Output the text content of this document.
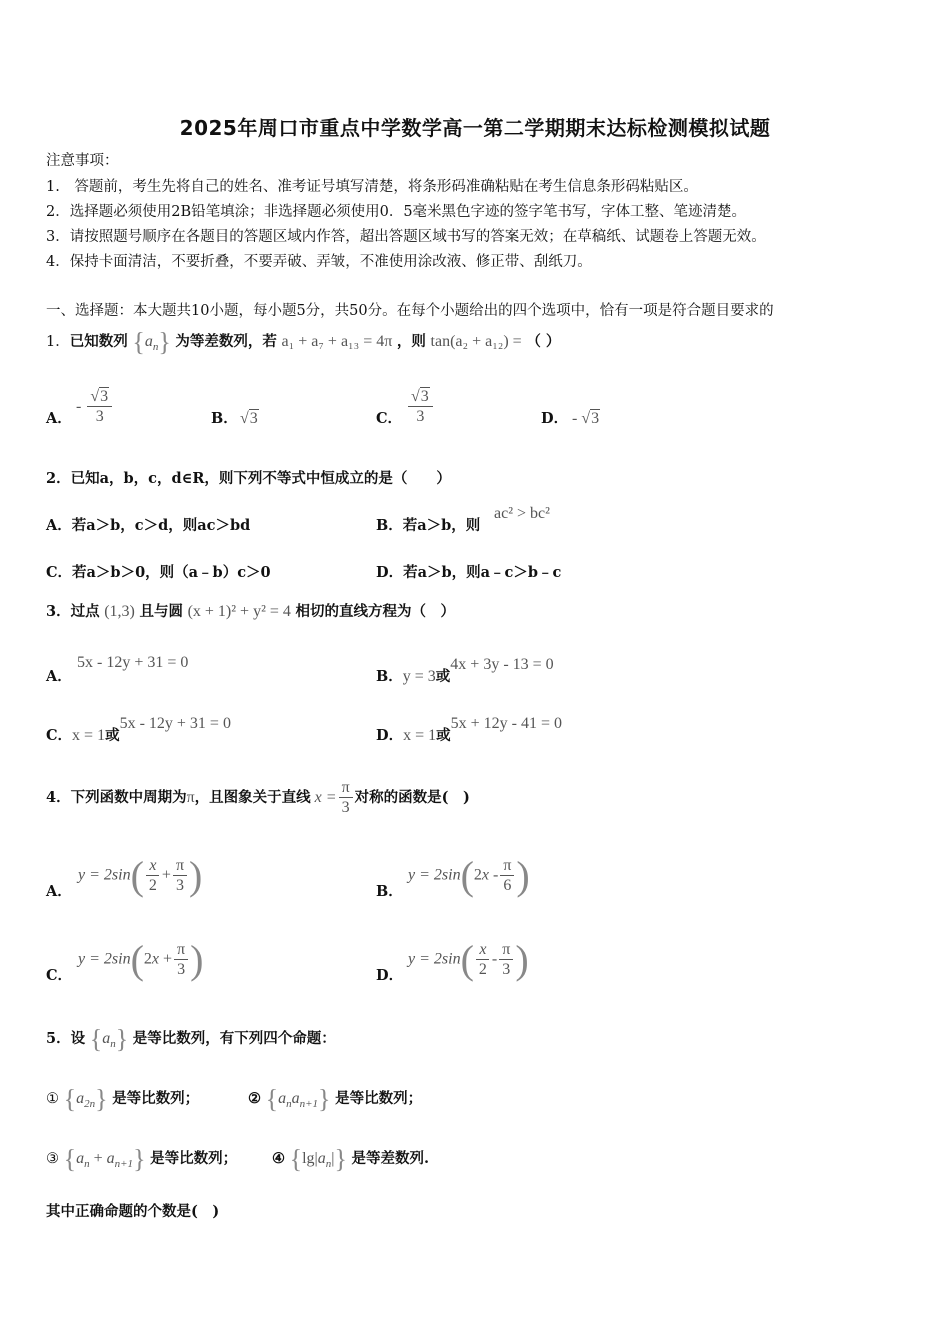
2025年周口市重点中学数学高一第二学期期末达标检测模拟试题
注意事项：
1.　答题前，考生先将自己的姓名、准考证号填写清楚，将条形码准确粘贴在考生信息条形码粘贴区。
2．选择题必须使用2B铅笔填涂；非选择题必须使用0．5毫米黑色字迹的签字笔书写，字体工整、笔迹清楚。
3．请按照题号顺序在各题目的答题区域内作答，超出答题区域书写的答案无效；在草稿纸、试题卷上答题无效。
4．保持卡面清洁，不要折叠，不要弄破、弄皱，不准使用涂改液、修正带、刮纸刀。
一、选择题：本大题共10小题，每小题5分，共50分。在每个小题给出的四个选项中，恰有一项是符合题目要求的
1．已知数列 $\{a_n\}$ 为等差数列，若 a₁ + a₇ + a₁₃ = 4π ，则 tan(a₂ + a₁₂) = （ ）
A．
- $\frac{√3}{3}$	B． √3	C． $\frac{√3}{3}$	D． - √3
2．已知a，b，c，d∈R，则下列不等式中恒成立的是（　　）
A．若a＞b，c＞d，则ac＞bd	B．若a＞b，则
ac² > bc²
C．若a＞b＞0，则（a﹣b）c＞0	D．若a＞b，则a﹣c＞b﹣c
3．过点 (1,3) 且与圆 (x + 1)² + y² = 4 相切的直线方程为（　）
A．
5x - 12y + 31 = 0
B．y = 3或4x + 3y - 13 = 0
C．x = 1或5x - 12y + 31 = 0
D．x = 1或5x + 12y - 41 = 0
4．下列函数中周期为 π ，且图象关于直线 $x = \frac{\pi}{3}$ 对称的函数是(　)
A．
$y = 2\sin( \frac{x}{2} + \frac{\pi}{3}$ )	B．
$y = 2\sin(2x - \frac{\pi}{6}$ )
C．
$y = 2\sin(2x + \frac{\pi}{3}$ )	D．
$y = 2\sin( \frac{x}{2} - \frac{\pi}{3}$ )
5．设 $\{a_n\}$ 是等比数列，有下列四个命题：
① $\{a_{2n}\}$ 是等比数列；	② $\{a_na_{n+1}\}$ 是等比数列；
③ $\{a_n + a_{n+1}\}$ 是等比数列； ④ $\{\lg|a_n|\}$ 是等差数列.
其中正确命题的个数是(　)
